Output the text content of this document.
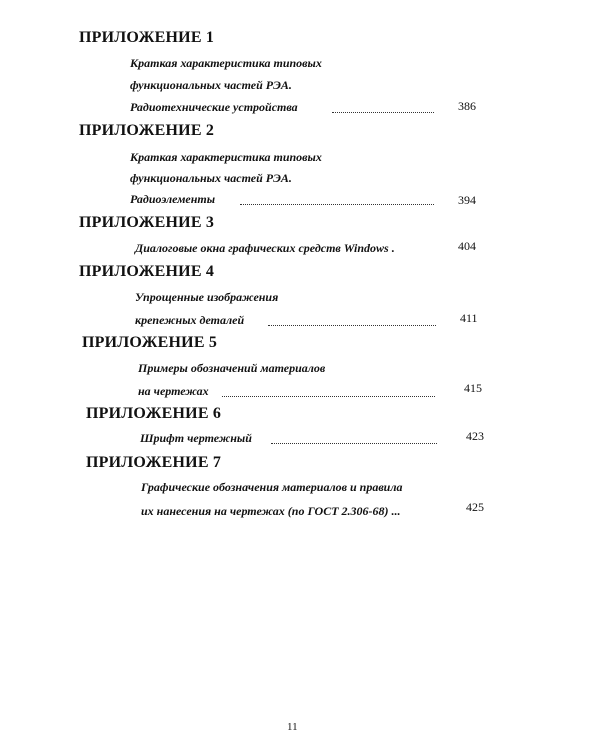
ПРИЛОЖЕНИЕ 1
Краткая характеристика типовых
функциональных частей РЭА.
Радиотехнические устройства	386
ПРИЛОЖЕНИЕ 2
Краткая характеристика типовых
функциональных частей РЭА.
Радиоэлементы	394
ПРИЛОЖЕНИЕ 3
Диалоговые окна графических средств Windows .	404
ПРИЛОЖЕНИЕ 4
Упрощенные изображения
крепежных деталей	411
ПРИЛОЖЕНИЕ 5
Примеры обозначений материалов
на чертежах	415
ПРИЛОЖЕНИЕ 6
Шрифт чертежный	423
ПРИЛОЖЕНИЕ 7
Графические обозначения материалов и правила
их нанесения на чертежах (по ГОСТ 2.306-68) ...	425
11
